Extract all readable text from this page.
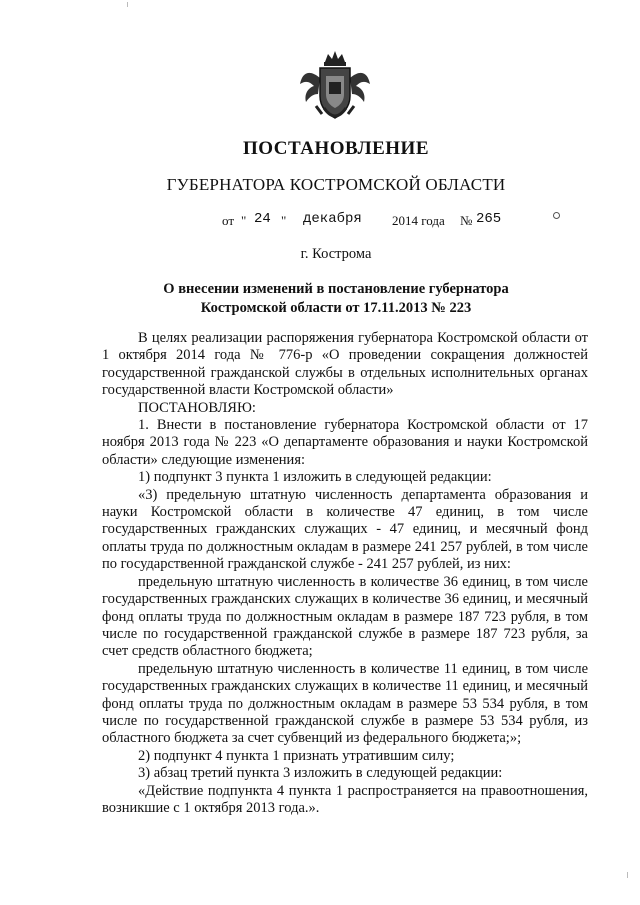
ПОСТАНОВЛЕНИЕ
ГУБЕРНАТОРА КОСТРОМСКОЙ ОБЛАСТИ
от " 24 " декабря 2014 года № 265
г. Кострома
О внесении изменений в постановление губернатора
Костромской области от 17.11.2013 № 223

В целях реализации распоряжения губернатора Костромской области от 1 октября 2014 года № 776-р «О проведении сокращения должностей государственной гражданской службы в отдельных исполнительных органах государственной власти Костромской области»

ПОСТАНОВЛЯЮ:

1. Внести в постановление губернатора Костромской области от 17 ноября 2013 года № 223 «О департаменте образования и науки Костромской области» следующие изменения:

1) подпункт 3 пункта 1 изложить в следующей редакции:

«3) предельную штатную численность департамента образования и науки Костромской области в количестве 47 единиц, в том числе государственных гражданских служащих - 47 единиц, и месячный фонд оплаты труда по должностным окладам в размере 241 257 рублей, в том числе по государственной гражданской службе - 241 257 рублей, из них:

предельную штатную численность в количестве 36 единиц, в том числе государственных гражданских служащих в количестве 36 единиц, и месячный фонд оплаты труда по должностным окладам в размере 187 723 рубля, в том числе по государственной гражданской службе в размере 187 723 рубля, за счет средств областного бюджета;

предельную штатную численность в количестве 11 единиц, в том числе государственных гражданских служащих в количестве 11 единиц, и месячный фонд оплаты труда по должностным окладам в размере 53 534 рубля, в том числе по государственной гражданской службе в размере 53 534 рубля, из областного бюджета за счет субвенций из федерального бюджета;»;

2) подпункт 4 пункта 1 признать утратившим силу;

3) абзац третий пункта 3 изложить в следующей редакции:

«Действие подпункта 4 пункта 1 распространяется на правоотношения, возникшие с 1 октября 2013 года.».
